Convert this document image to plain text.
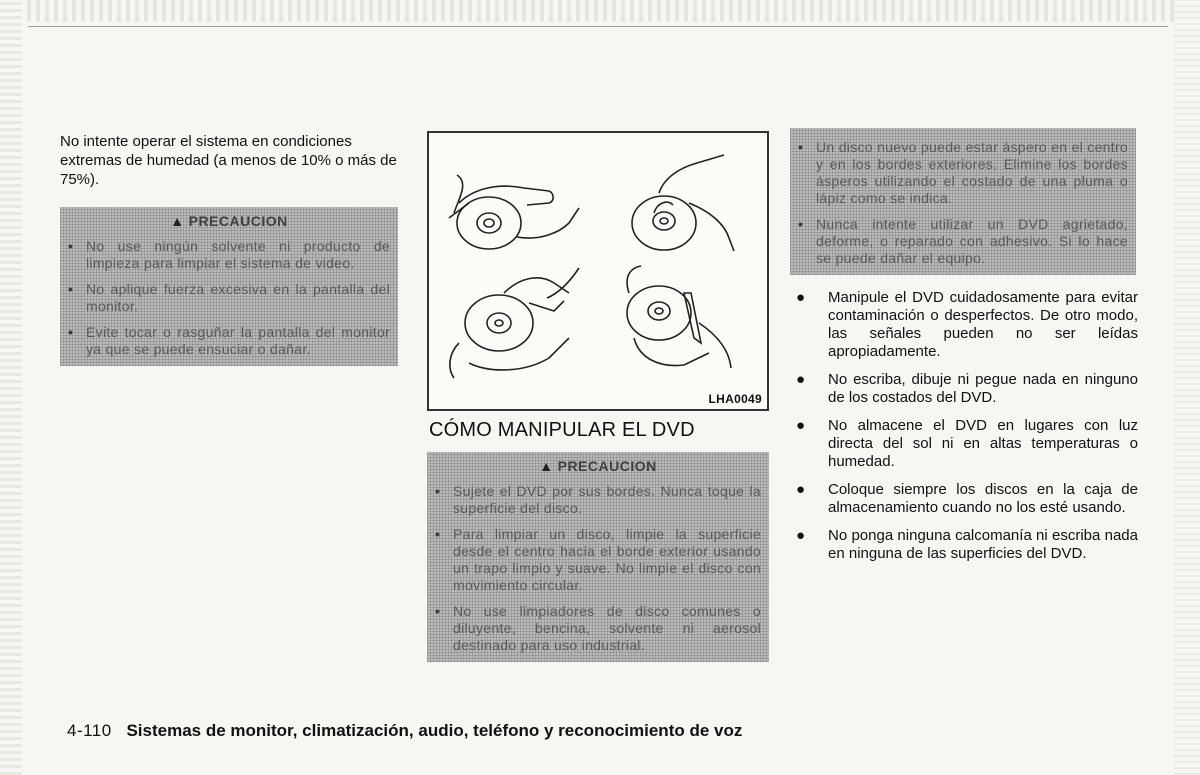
No intente operar el sistema en condiciones extremas de humedad (a menos de 10% o más de 75%).

▲ PRECAUCION
• No use ningún solvente ni producto de limpieza para limpiar el sistema de video.
• No aplique fuerza excesiva en la pantalla del monitor.
• Evite tocar o rasguñar la pantalla del monitor ya que se puede ensuciar o dañar.
LHA0049
CÓMO MANIPULAR EL DVD
▲ PRECAUCION
• Sujete el DVD por sus bordes. Nunca toque la superficie del disco.
• Para limpiar un disco, limpie la superficie desde el centro hacia el borde exterior usando un trapo limpio y suave. No limpie el disco con movimiento circular.
• No use limpiadores de disco comunes o diluyente, bencina, solvente ni aerosol destinado para uso industrial.
• Un disco nuevo puede estar áspero en el centro y en los bordes exteriores. Elimine los bordes ásperos utilizando el costado de una pluma o lápiz como se indica.
• Nunca intente utilizar un DVD agrietado, deforme, o reparado con adhesivo. Si lo hace se puede dañar el equipo.
●	Manipule el DVD cuidadosamente para evitar contaminación o desperfectos. De otro modo, las señales pueden no ser leídas apropiadamente.
●	No escriba, dibuje ni pegue nada en ninguno de los costados del DVD.
●	No almacene el DVD en lugares con luz directa del sol ni en altas temperaturas o humedad.
●	Coloque siempre los discos en la caja de almacenamiento cuando no los esté usando.
●	No ponga ninguna calcomanía ni escriba nada en ninguna de las superficies del DVD.
4-110 Sistemas de monitor, climatización, audio, teléfono y reconocimiento de voz
